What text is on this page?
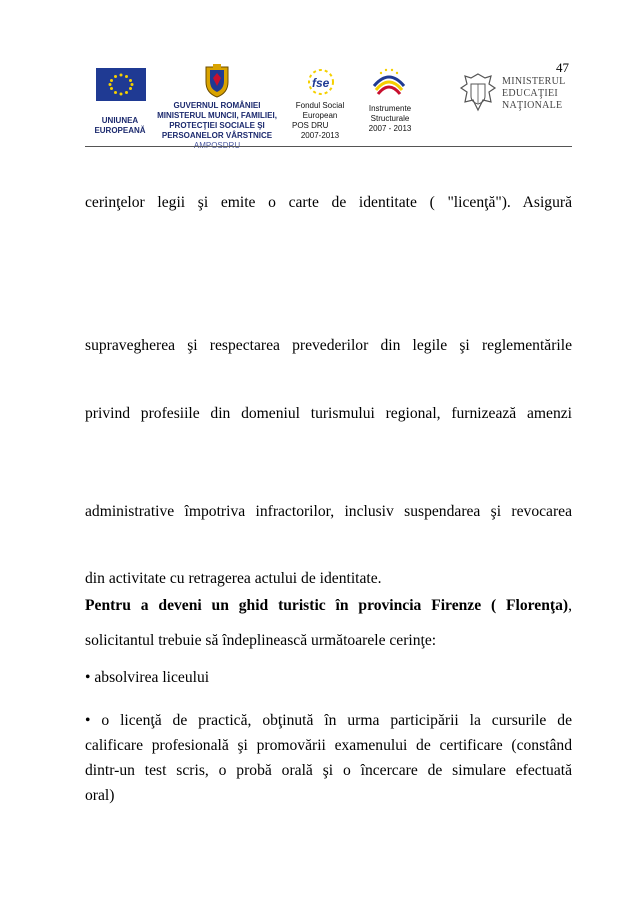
UNIUNEA
EUROPEANĂ
GUVERNUL ROMÂNIEI
MINISTERUL MUNCII, FAMILIEI,
PROTECŢIEI SOCIALE ŞI
PERSOANELOR VÂRSTNICE
fse
Fondul Social
European
POS DRU
2007-2013
Instrumente
Structurale
2007 - 2013
MINISTERUL
EDUCAŢIEI
NAŢIONALE
47
cerinţelor legii şi emite o carte de identitate ( "licenţă"). Asigură
supravegherea şi respectarea prevederilor din legile şi reglementările
privind profesiile din domeniul turismului regional, furnizează amenzi
administrative împotriva infractorilor, inclusiv suspendarea şi revocarea
din activitate cu retragerea actului de identitate.
Pentru a deveni un ghid turistic în provincia Firenze ( Florenţa),
solicitantul trebuie să îndeplinească următoarele cerinţe:
• absolvirea liceului
• o licenţă de practică, obţinută în urma participării la cursurile de
calificare profesională şi promovării examenului de certificare (constând
dintr-un test scris, o probă orală şi o încercare de simulare efectuată
oral)
